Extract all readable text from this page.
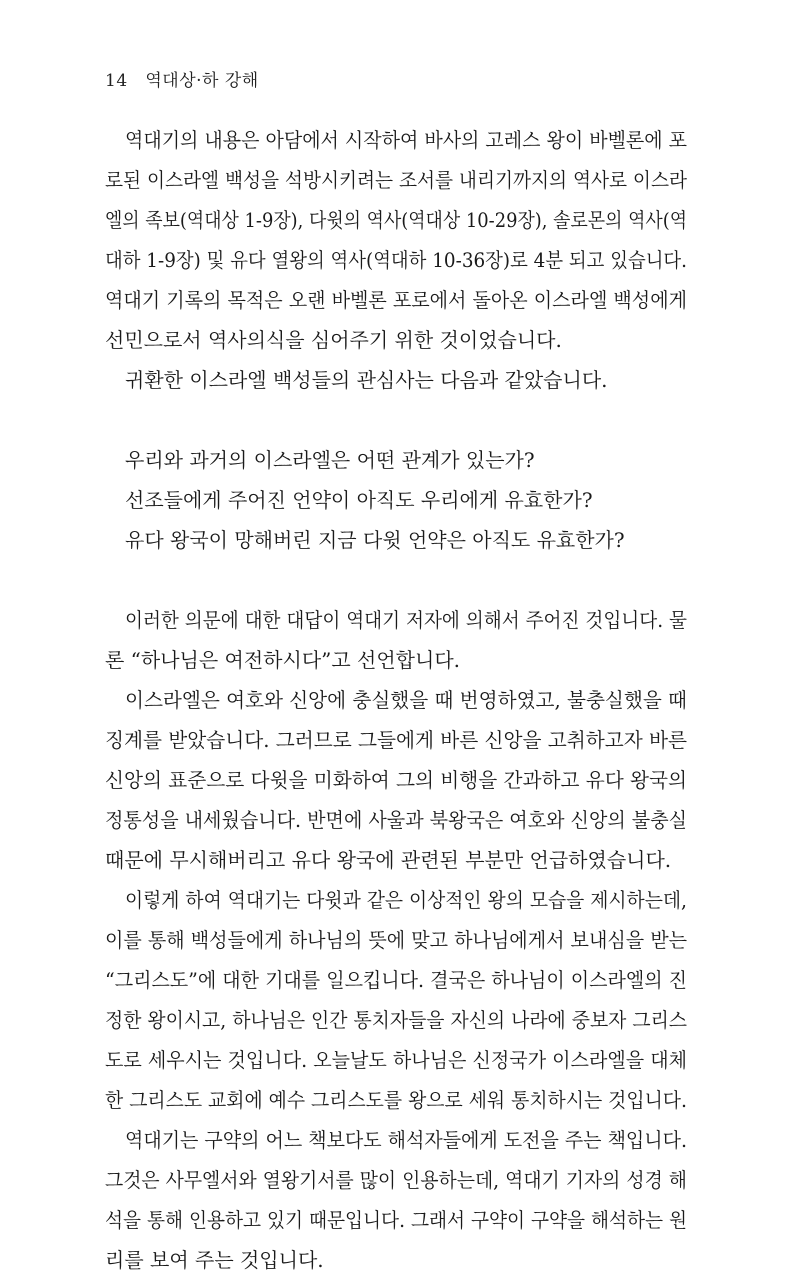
14 역대상·하 강해
역대기의 내용은 아담에서 시작하여 바사의 고레스 왕이 바벨론에 포
로된 이스라엘 백성을 석방시키려는 조서를 내리기까지의 역사로 이스라
엘의 족보(역대상 1-9장), 다윗의 역사(역대상 10-29장), 솔로몬의 역사(역
대하 1-9장) 및 유다 열왕의 역사(역대하 10-36장)로 4분 되고 있습니다.
역대기 기록의 목적은 오랜 바벨론 포로에서 돌아온 이스라엘 백성에게
선민으로서 역사의식을 심어주기 위한 것이었습니다.
귀환한 이스라엘 백성들의 관심사는 다음과 같았습니다.
우리와 과거의 이스라엘은 어떤 관계가 있는가?
선조들에게 주어진 언약이 아직도 우리에게 유효한가?
유다 왕국이 망해버린 지금 다윗 언약은 아직도 유효한가?
이러한 의문에 대한 대답이 역대기 저자에 의해서 주어진 것입니다. 물
론 “하나님은 여전하시다”고 선언합니다.
이스라엘은 여호와 신앙에 충실했을 때 번영하였고, 불충실했을 때
징계를 받았습니다. 그러므로 그들에게 바른 신앙을 고취하고자 바른
신앙의 표준으로 다윗을 미화하여 그의 비행을 간과하고 유다 왕국의
정통성을 내세웠습니다. 반면에 사울과 북왕국은 여호와 신앙의 불충실
때문에 무시해버리고 유다 왕국에 관련된 부분만 언급하였습니다.
이렇게 하여 역대기는 다윗과 같은 이상적인 왕의 모습을 제시하는데,
이를 통해 백성들에게 하나님의 뜻에 맞고 하나님에게서 보내심을 받는
“그리스도”에 대한 기대를 일으킵니다. 결국은 하나님이 이스라엘의 진
정한 왕이시고, 하나님은 인간 통치자들을 자신의 나라에 중보자 그리스
도로 세우시는 것입니다. 오늘날도 하나님은 신정국가 이스라엘을 대체
한 그리스도 교회에 예수 그리스도를 왕으로 세워 통치하시는 것입니다.
역대기는 구약의 어느 책보다도 해석자들에게 도전을 주는 책입니다.
그것은 사무엘서와 열왕기서를 많이 인용하는데, 역대기 기자의 성경 해
석을 통해 인용하고 있기 때문입니다. 그래서 구약이 구약을 해석하는 원
리를 보여 주는 것입니다.
